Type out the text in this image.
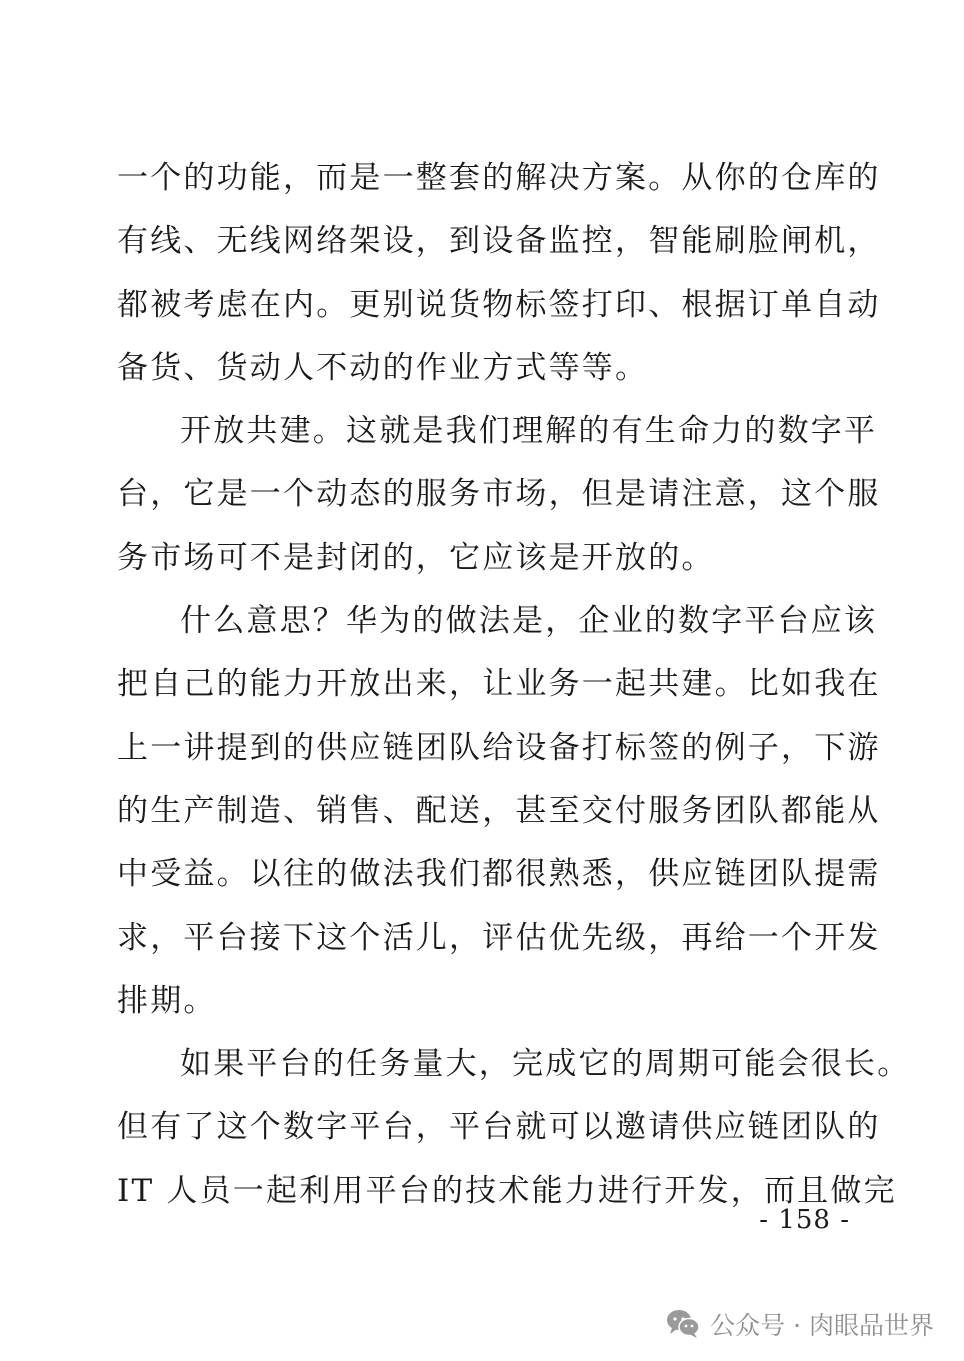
一个的功能，而是一整套的解决方案。从你的仓库的
有线、无线网络架设，到设备监控，智能刷脸闸机，
都被考虑在内。更别说货物标签打印、根据订单自动
备货、货动人不动的作业方式等等。
开放共建。这就是我们理解的有生命力的数字平
台，它是一个动态的服务市场，但是请注意，这个服
务市场可不是封闭的，它应该是开放的。
什么意思？华为的做法是，企业的数字平台应该
把自己的能力开放出来，让业务一起共建。比如我在
上一讲提到的供应链团队给设备打标签的例子，下游
的生产制造、销售、配送，甚至交付服务团队都能从
中受益。以往的做法我们都很熟悉，供应链团队提需
求，平台接下这个活儿，评估优先级，再给一个开发
排期。
如果平台的任务量大，完成它的周期可能会很长。
但有了这个数字平台，平台就可以邀请供应链团队的
IT 人员一起利用平台的技术能力进行开发，而且做完
- 158 -
公众号 · 肉眼品世界
